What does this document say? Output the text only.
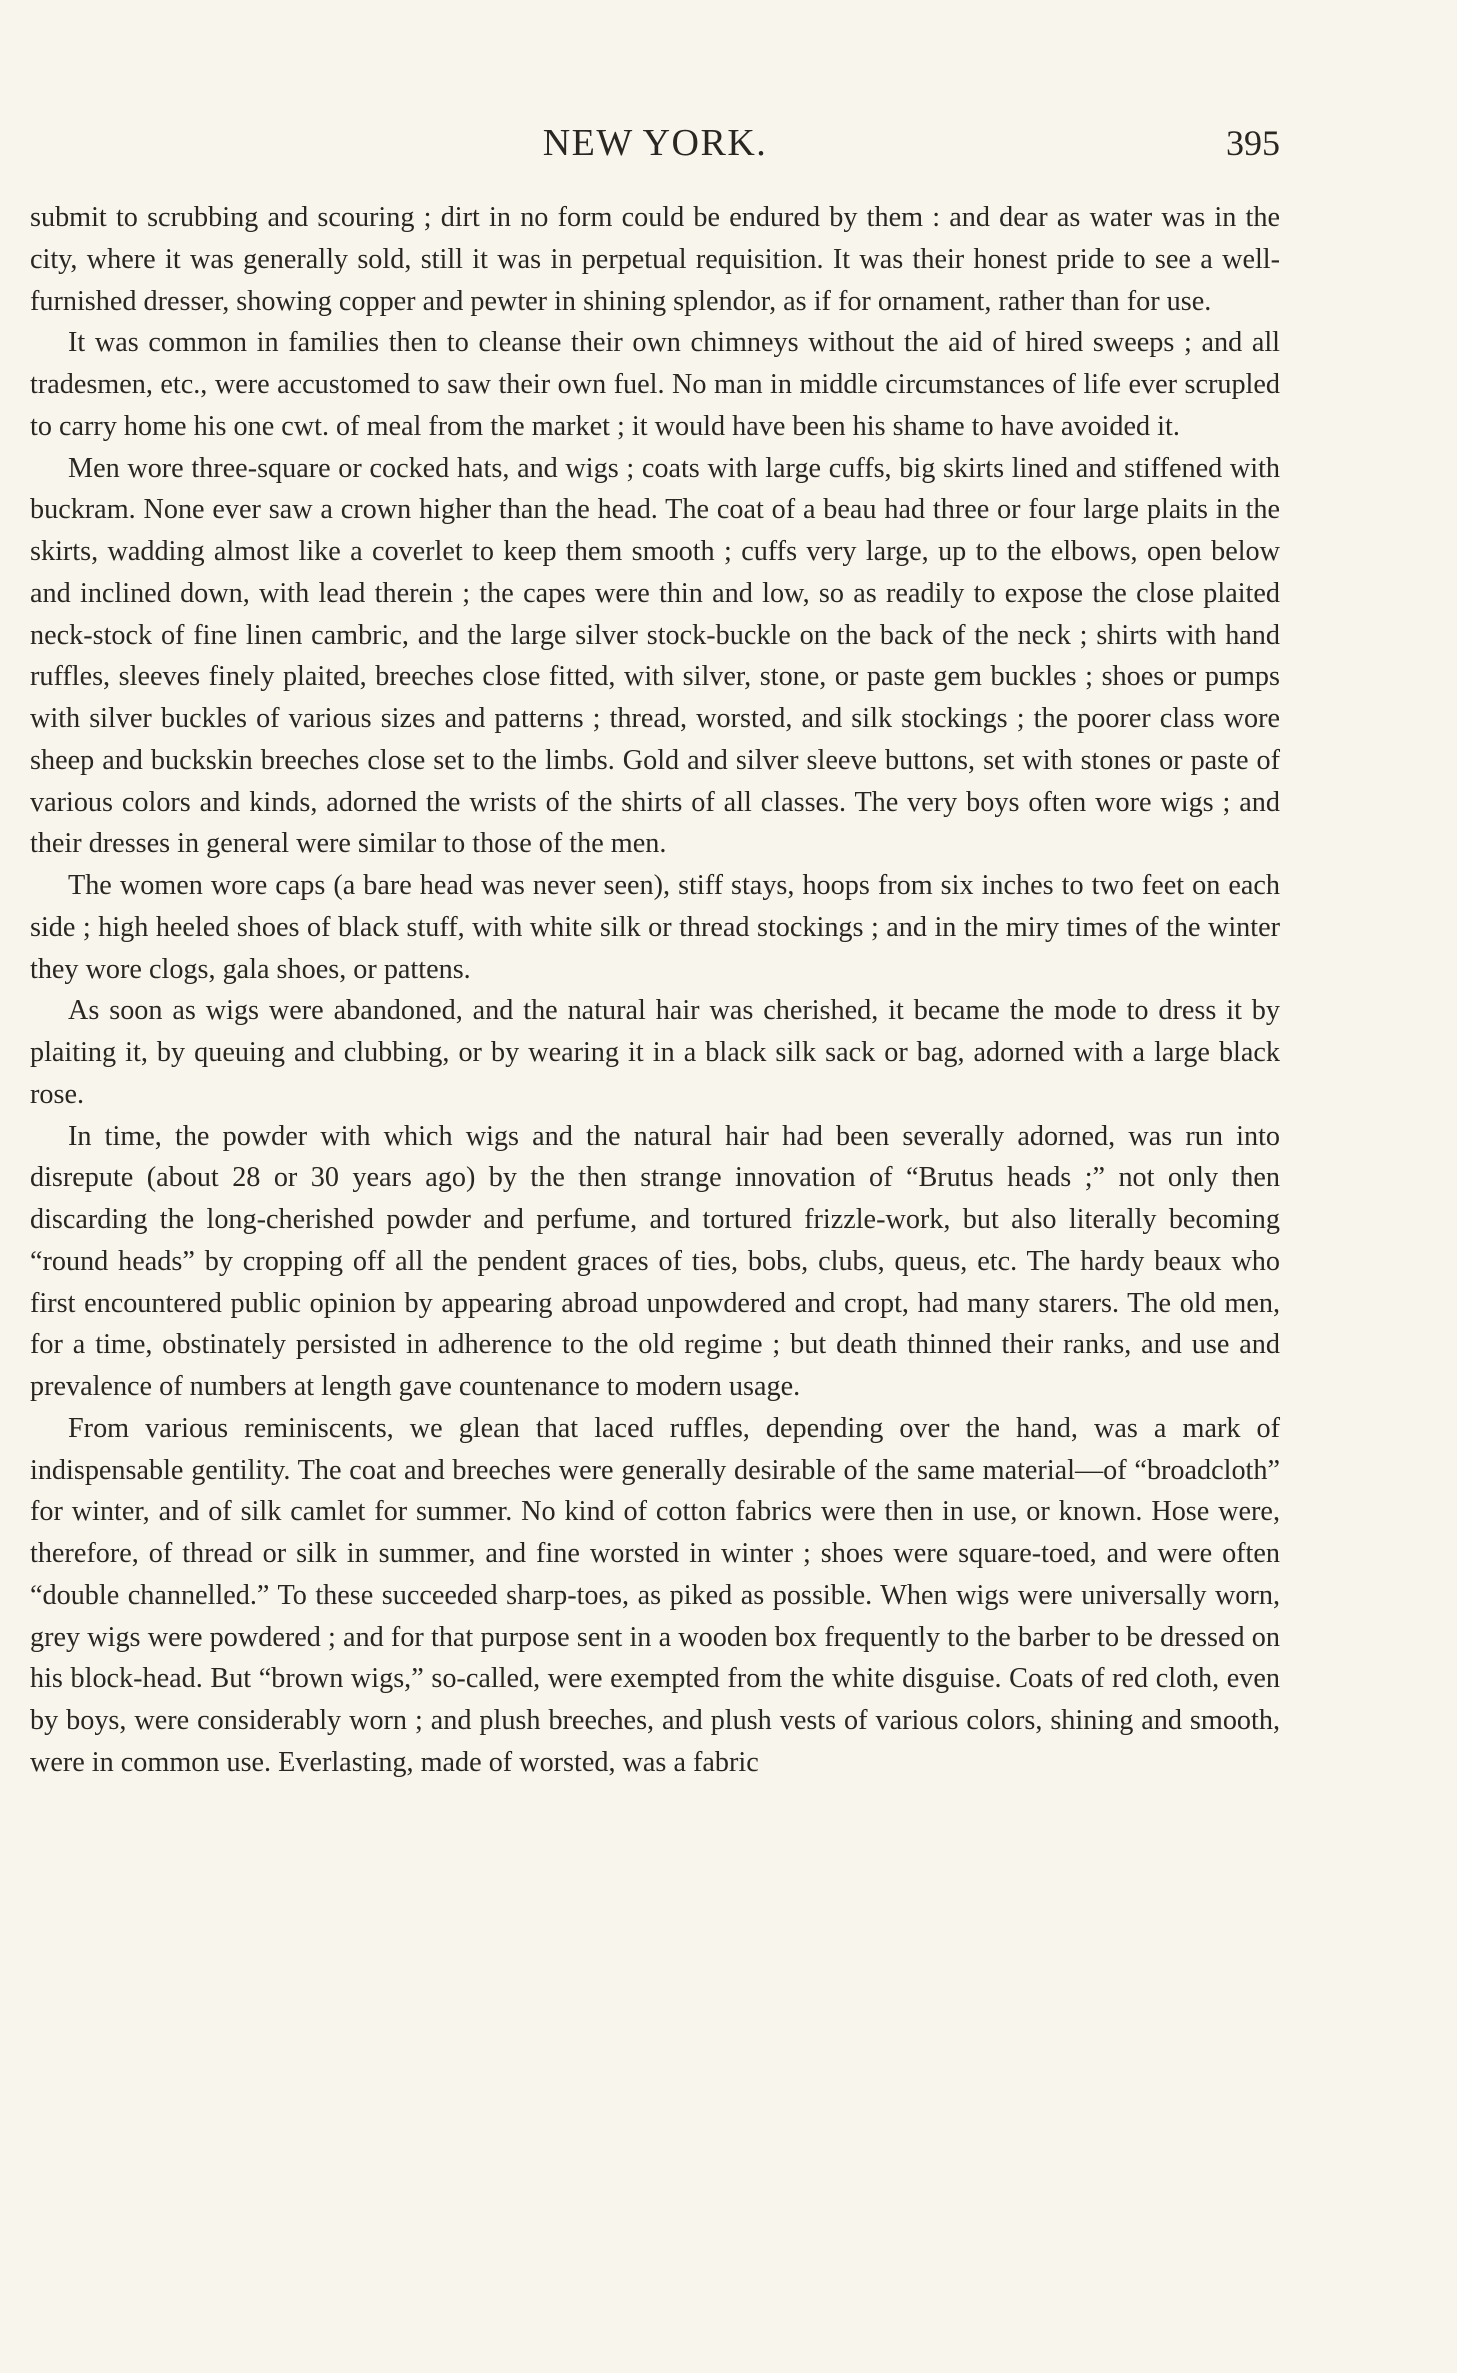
NEW YORK.	395

submit to scrubbing and scouring ; dirt in no form could be endured by them : and dear as water was in the city, where it was generally sold, still it was in perpetual requisition. It was their honest pride to see a well-furnished dresser, showing copper and pewter in shining splendor, as if for ornament, rather than for use.

It was common in families then to cleanse their own chimneys without the aid of hired sweeps ; and all tradesmen, etc., were accustomed to saw their own fuel. No man in middle circumstances of life ever scrupled to carry home his one cwt. of meal from the market ; it would have been his shame to have avoided it.

Men wore three-square or cocked hats, and wigs ; coats with large cuffs, big skirts lined and stiffened with buckram. None ever saw a crown higher than the head. The coat of a beau had three or four large plaits in the skirts, wadding almost like a coverlet to keep them smooth ; cuffs very large, up to the elbows, open below and inclined down, with lead therein ; the capes were thin and low, so as readily to expose the close plaited neck-stock of fine linen cambric, and the large silver stock-buckle on the back of the neck ; shirts with hand ruffles, sleeves finely plaited, breeches close fitted, with silver, stone, or paste gem buckles ; shoes or pumps with silver buckles of various sizes and patterns ; thread, worsted, and silk stockings ; the poorer class wore sheep and buckskin breeches close set to the limbs. Gold and silver sleeve buttons, set with stones or paste of various colors and kinds, adorned the wrists of the shirts of all classes. The very boys often wore wigs ; and their dresses in general were similar to those of the men.

The women wore caps (a bare head was never seen), stiff stays, hoops from six inches to two feet on each side ; high heeled shoes of black stuff, with white silk or thread stockings ; and in the miry times of the winter they wore clogs, gala shoes, or pattens.

As soon as wigs were abandoned, and the natural hair was cherished, it became the mode to dress it by plaiting it, by queuing and clubbing, or by wearing it in a black silk sack or bag, adorned with a large black rose.

In time, the powder with which wigs and the natural hair had been severally adorned, was run into disrepute (about 28 or 30 years ago) by the then strange innovation of “Brutus heads ;” not only then discarding the long-cherished powder and perfume, and tortured frizzle-work, but also literally becoming “round heads” by cropping off all the pendent graces of ties, bobs, clubs, queus, etc. The hardy beaux who first encountered public opinion by appearing abroad unpowdered and cropt, had many starers. The old men, for a time, obstinately persisted in adherence to the old regime ; but death thinned their ranks, and use and prevalence of numbers at length gave countenance to modern usage.

From various reminiscents, we glean that laced ruffles, depending over the hand, was a mark of indispensable gentility. The coat and breeches were generally desirable of the same material—of “broadcloth” for winter, and of silk camlet for summer. No kind of cotton fabrics were then in use, or known. Hose were, therefore, of thread or silk in summer, and fine worsted in winter ; shoes were square-toed, and were often “double channelled.” To these succeeded sharp-toes, as piked as possible. When wigs were universally worn, grey wigs were powdered ; and for that purpose sent in a wooden box frequently to the barber to be dressed on his block-head. But “brown wigs,” so-called, were exempted from the white disguise. Coats of red cloth, even by boys, were considerably worn ; and plush breeches, and plush vests of various colors, shining and smooth, were in common use. Everlasting, made of worsted, was a fabric
